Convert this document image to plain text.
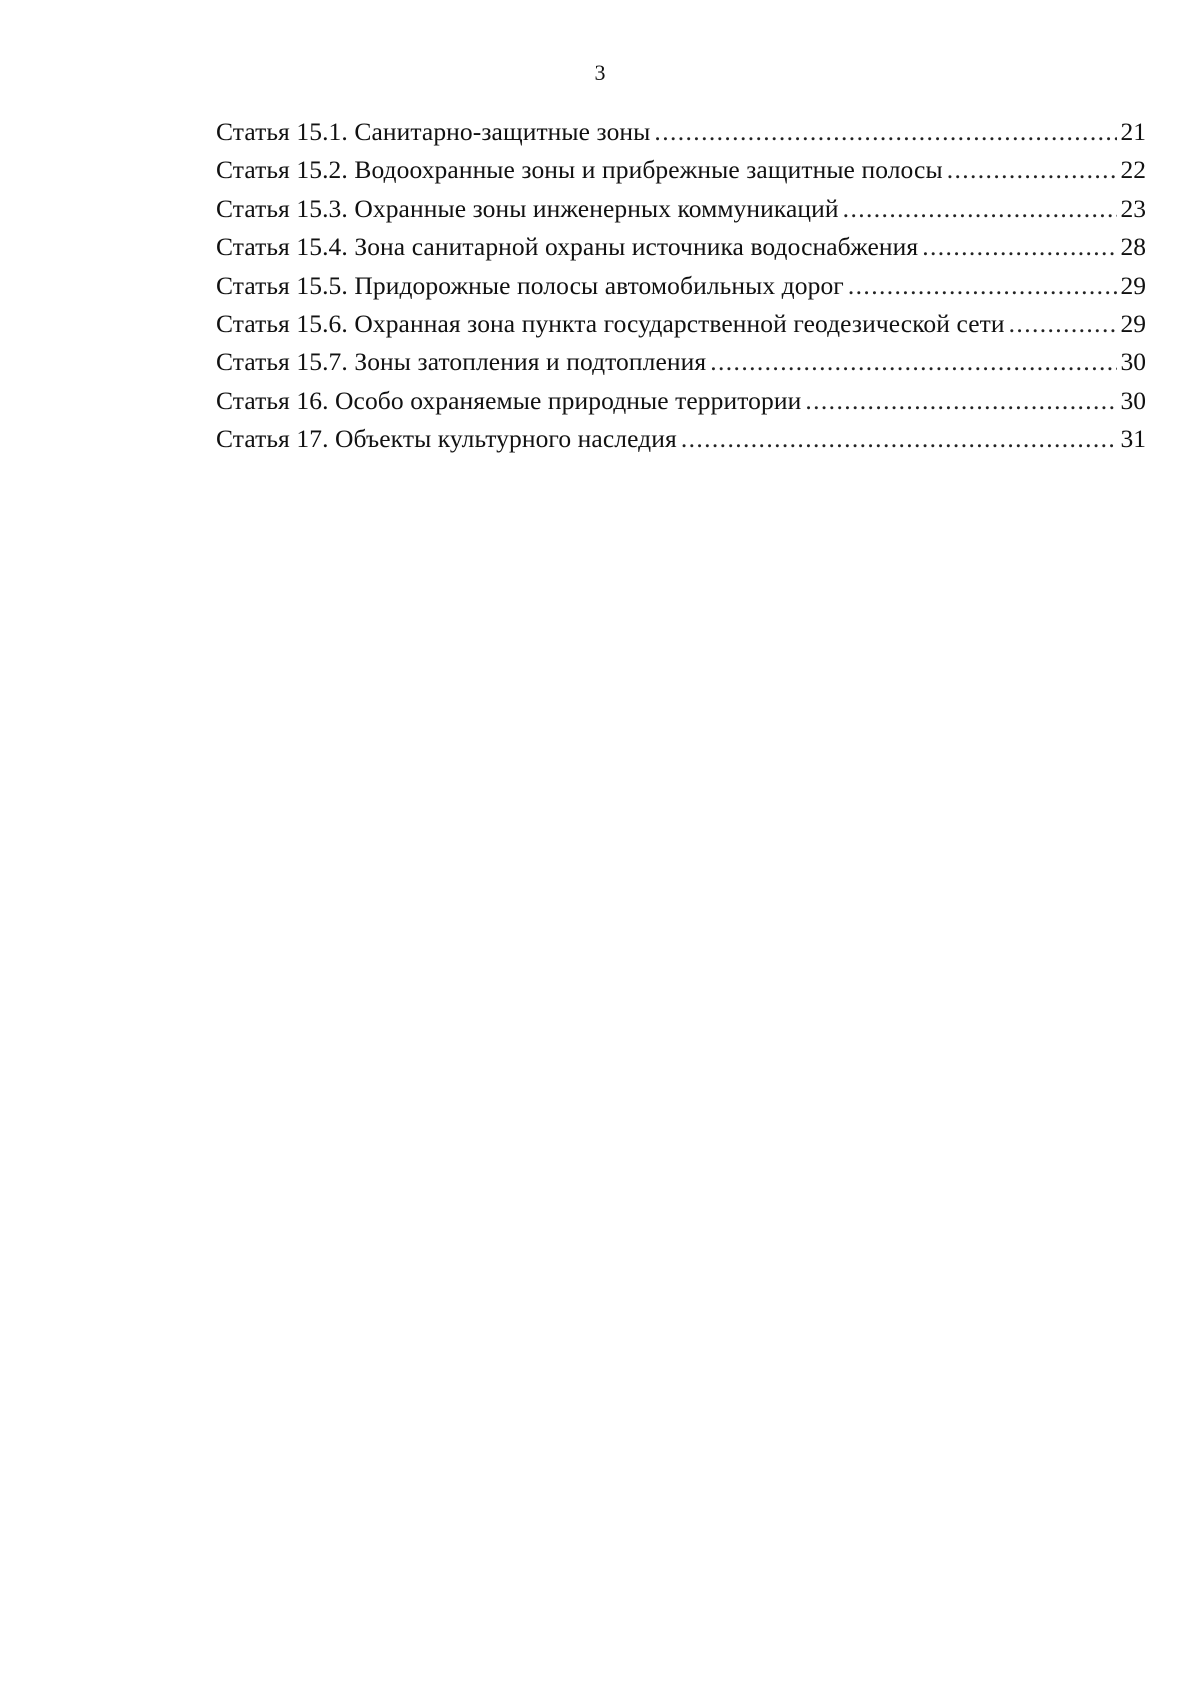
3
Статья 15.1. Санитарно-защитные зоны .....	21
Статья 15.2. Водоохранные зоны и прибрежные защитные полосы .....	22
Статья 15.3. Охранные зоны инженерных коммуникаций .....	23
Статья 15.4. Зона санитарной охраны источника водоснабжения .....	28
Статья 15.5. Придорожные полосы автомобильных дорог .....	29
Статья 15.6. Охранная зона пункта государственной геодезической сети .....	29
Статья 15.7. Зоны затопления и подтопления .....	30
Статья 16. Особо охраняемые природные территории .....	30
Статья 17. Объекты культурного наследия .....	31
